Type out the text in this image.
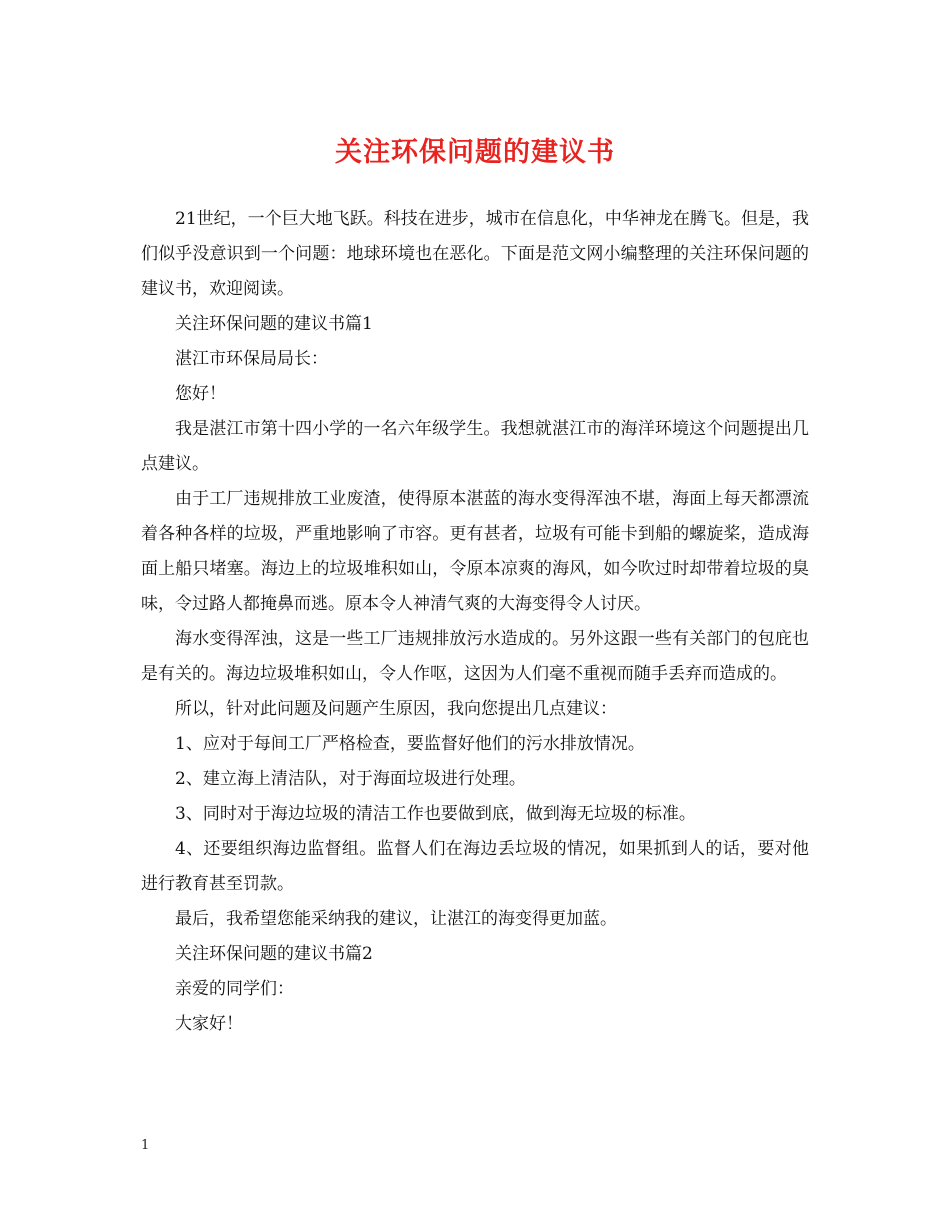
关注环保问题的建议书

21世纪，一个巨大地飞跃。科技在进步，城市在信息化，中华神龙在腾飞。但是，我们似乎没意识到一个问题：地球环境也在恶化。下面是范文网小编整理的关注环保问题的建议书，欢迎阅读。

关注环保问题的建议书篇1

湛江市环保局局长：

您好！

我是湛江市第十四小学的一名六年级学生。我想就湛江市的海洋环境这个问题提出几点建议。

由于工厂违规排放工业废渣，使得原本湛蓝的海水变得浑浊不堪，海面上每天都漂流着各种各样的垃圾，严重地影响了市容。更有甚者，垃圾有可能卡到船的螺旋桨，造成海面上船只堵塞。海边上的垃圾堆积如山，令原本凉爽的海风，如今吹过时却带着垃圾的臭味，令过路人都掩鼻而逃。原本令人神清气爽的大海变得令人讨厌。

海水变得浑浊，这是一些工厂违规排放污水造成的。另外这跟一些有关部门的包庇也是有关的。海边垃圾堆积如山，令人作呕，这因为人们毫不重视而随手丢弃而造成的。

所以，针对此问题及问题产生原因，我向您提出几点建议：

1、应对于每间工厂严格检查，要监督好他们的污水排放情况。

2、建立海上清洁队，对于海面垃圾进行处理。

3、同时对于海边垃圾的清洁工作也要做到底，做到海无垃圾的标准。

4、还要组织海边监督组。监督人们在海边丢垃圾的情况，如果抓到人的话，要对他进行教育甚至罚款。

最后，我希望您能采纳我的建议，让湛江的海变得更加蓝。

关注环保问题的建议书篇2

亲爱的同学们：

大家好！

1
